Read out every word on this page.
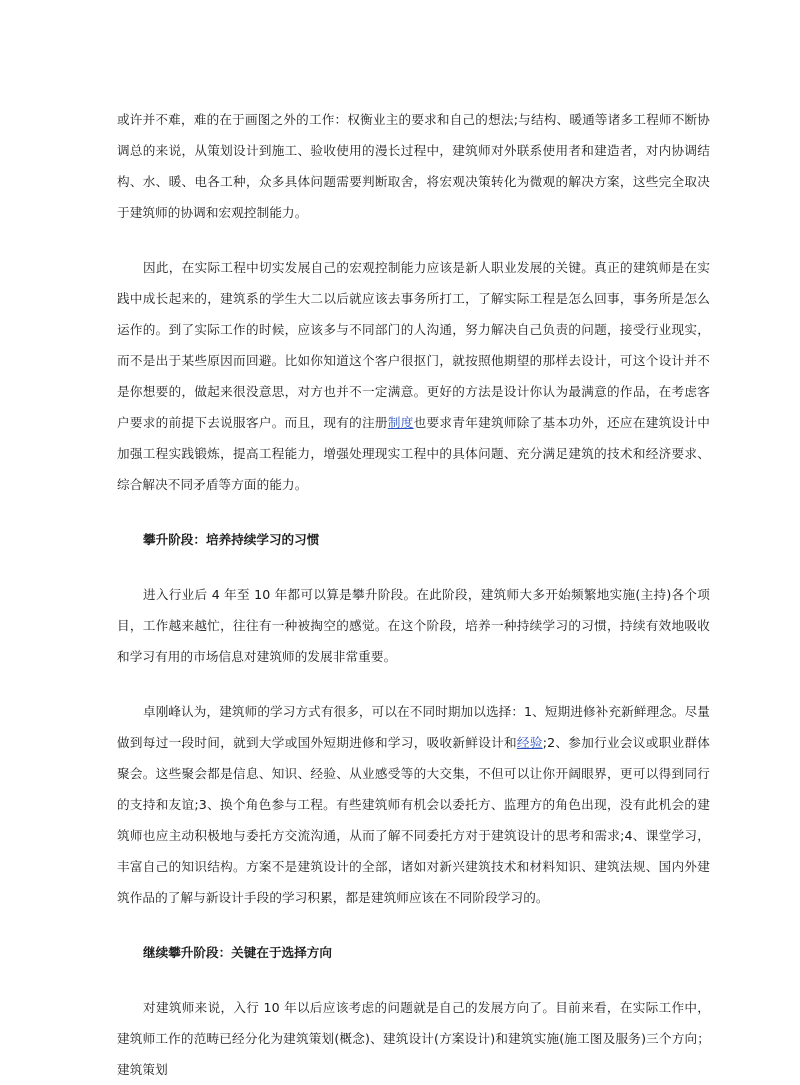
或许并不难，难的在于画图之外的工作：权衡业主的要求和自己的想法;与结构、暖通等诸多工程师不断协调总的来说，从策划设计到施工、验收使用的漫长过程中，建筑师对外联系使用者和建造者，对内协调结构、水、暖、电各工种，众多具体问题需要判断取舍，将宏观决策转化为微观的解决方案，这些完全取决于建筑师的协调和宏观控制能力。

因此，在实际工程中切实发展自己的宏观控制能力应该是新人职业发展的关键。真正的建筑师是在实践中成长起来的，建筑系的学生大二以后就应该去事务所打工，了解实际工程是怎么回事，事务所是怎么运作的。到了实际工作的时候，应该多与不同部门的人沟通，努力解决自己负责的问题，接受行业现实，而不是出于某些原因而回避。比如你知道这个客户很抠门，就按照他期望的那样去设计，可这个设计并不是你想要的，做起来很没意思，对方也并不一定满意。更好的方法是设计你认为最满意的作品，在考虑客户要求的前提下去说服客户。而且，现有的注册制度也要求青年建筑师除了基本功外，还应在建筑设计中加强工程实践锻炼，提高工程能力，增强处理现实工程中的具体问题、充分满足建筑的技术和经济要求、综合解决不同矛盾等方面的能力。

攀升阶段：培养持续学习的习惯

进入行业后 4 年至 10 年都可以算是攀升阶段。在此阶段，建筑师大多开始频繁地实施(主持)各个项目，工作越来越忙，往往有一种被掏空的感觉。在这个阶段，培养一种持续学习的习惯，持续有效地吸收和学习有用的市场信息对建筑师的发展非常重要。

卓刚峰认为，建筑师的学习方式有很多，可以在不同时期加以选择：1、短期进修补充新鲜理念。尽量做到每过一段时间，就到大学或国外短期进修和学习，吸收新鲜设计和经验;2、参加行业会议或职业群体聚会。这些聚会都是信息、知识、经验、从业感受等的大交集，不但可以让你开阔眼界，更可以得到同行的支持和友谊;3、换个角色参与工程。有些建筑师有机会以委托方、监理方的角色出现，没有此机会的建筑师也应主动积极地与委托方交流沟通，从而了解不同委托方对于建筑设计的思考和需求;4、课堂学习，丰富自己的知识结构。方案不是建筑设计的全部，诸如对新兴建筑技术和材料知识、建筑法规、国内外建筑作品的了解与新设计手段的学习积累，都是建筑师应该在不同阶段学习的。

继续攀升阶段：关键在于选择方向

对建筑师来说，入行 10 年以后应该考虑的问题就是自己的发展方向了。目前来看，在实际工作中，建筑师工作的范畴已经分化为建筑策划(概念)、建筑设计(方案设计)和建筑实施(施工图及服务)三个方向；建筑策划
